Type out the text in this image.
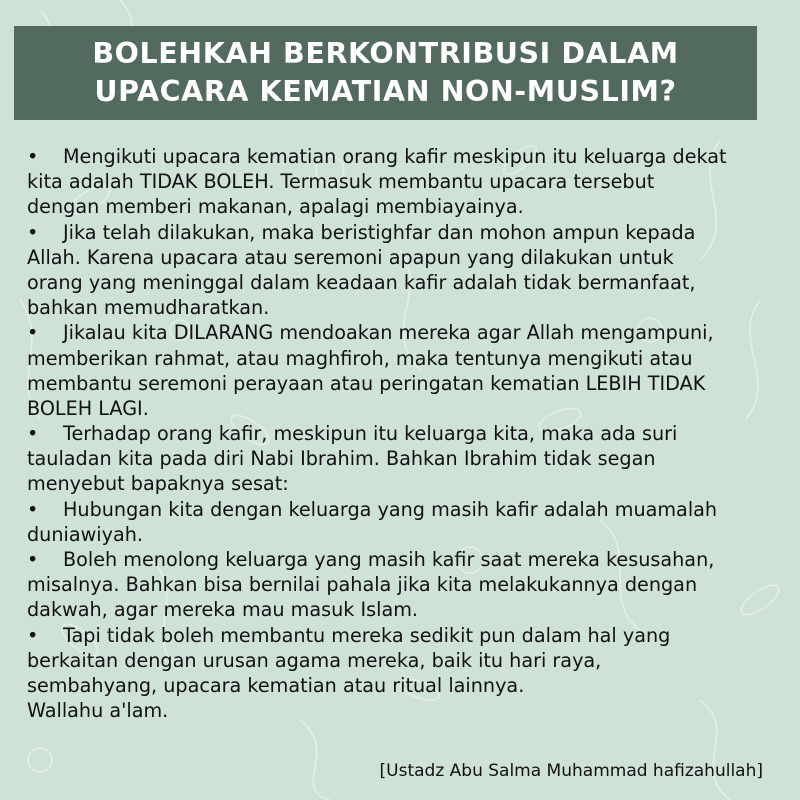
BOLEHKAH BERKONTRIBUSI DALAM
UPACARA KEMATIAN NON-MUSLIM?
• Mengikuti upacara kematian orang kafir meskipun itu keluarga dekat
kita adalah TIDAK BOLEH. Termasuk membantu upacara tersebut
dengan memberi makanan, apalagi membiayainya.
• Jika telah dilakukan, maka beristighfar dan mohon ampun kepada
Allah. Karena upacara atau seremoni apapun yang dilakukan untuk
orang yang meninggal dalam keadaan kafir adalah tidak bermanfaat,
bahkan memudharatkan.
• Jikalau kita DILARANG mendoakan mereka agar Allah mengampuni,
memberikan rahmat, atau maghfiroh, maka tentunya mengikuti atau
membantu seremoni perayaan atau peringatan kematian LEBIH TIDAK
BOLEH LAGI.
• Terhadap orang kafir, meskipun itu keluarga kita, maka ada suri
tauladan kita pada diri Nabi Ibrahim. Bahkan Ibrahim tidak segan
menyebut bapaknya sesat:
• Hubungan kita dengan keluarga yang masih kafir adalah muamalah
duniawiyah.
• Boleh menolong keluarga yang masih kafir saat mereka kesusahan,
misalnya. Bahkan bisa bernilai pahala jika kita melakukannya dengan
dakwah, agar mereka mau masuk Islam.
• Tapi tidak boleh membantu mereka sedikit pun dalam hal yang
berkaitan dengan urusan agama mereka, baik itu hari raya,
sembahyang, upacara kematian atau ritual lainnya.
Wallahu a'lam.
[Ustadz Abu Salma Muhammad hafizahullah]
